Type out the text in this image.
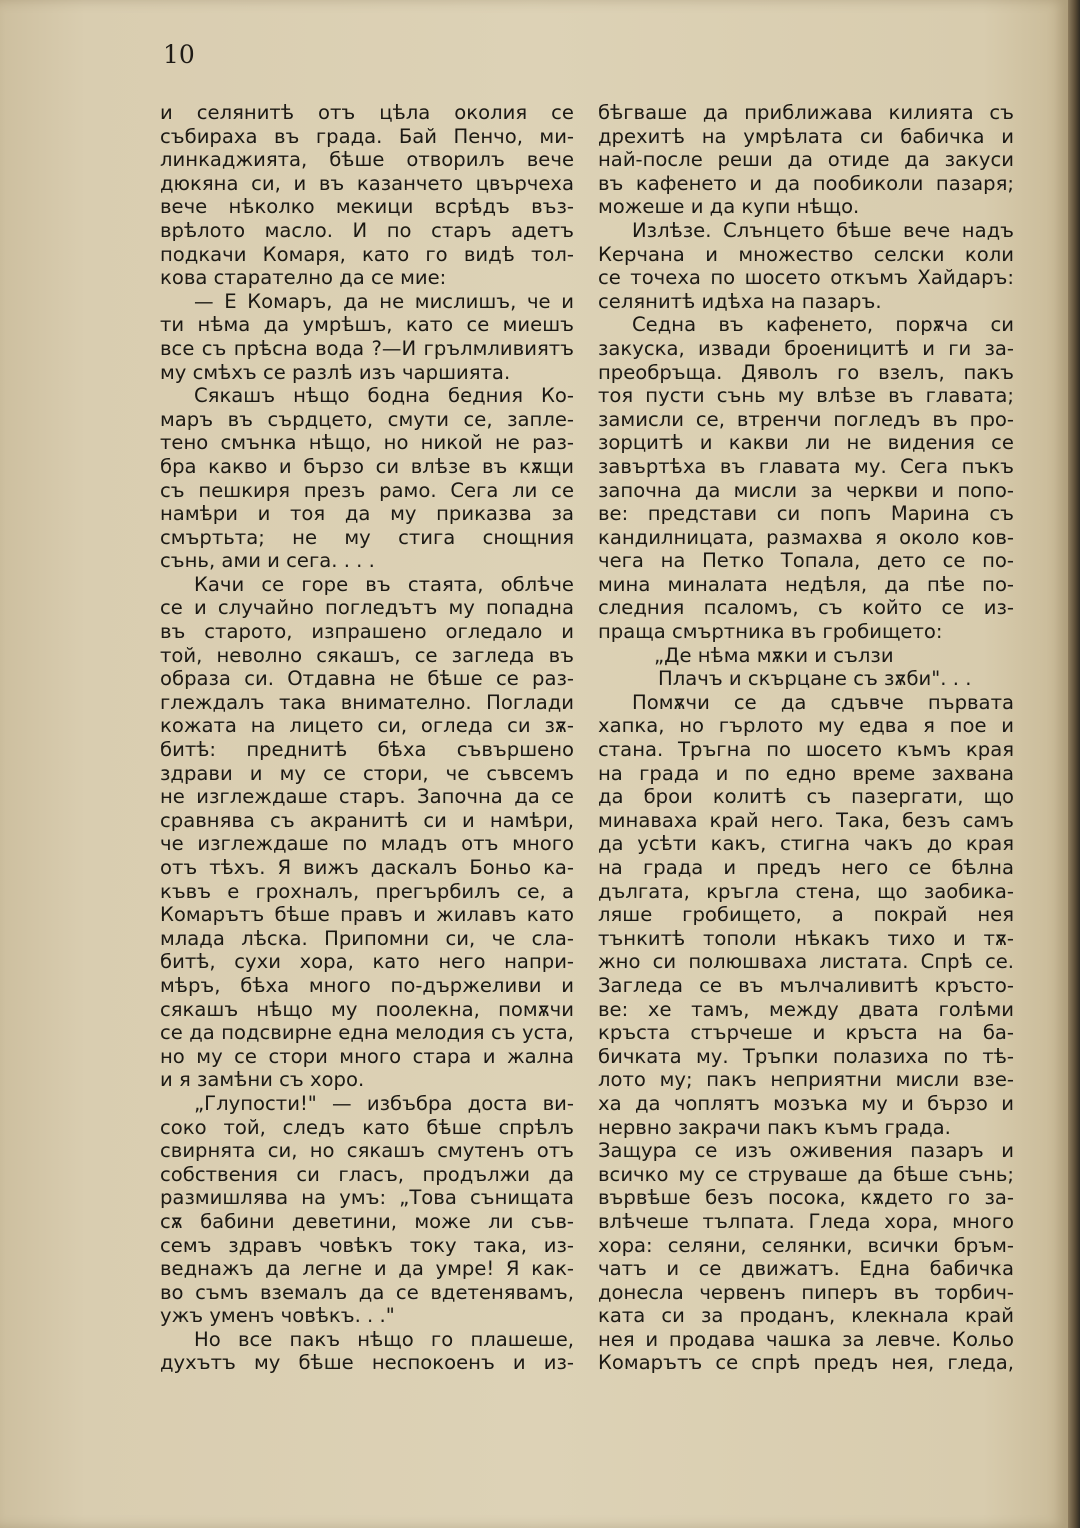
10
и селянитѣ отъ цѣла околия се
събираха въ града. Бай Пенчо, ми-
линкаджията, бѣше отворилъ вече
дюкяна си, и въ казанчето цвърчеха
вече нѣколко мекици всрѣдъ въз-
врѣлото масло. И по старъ адетъ
подкачи Комаря, като го видѣ тол-
кова старателно да се мие:
— Е Комаръ, да не мислишъ, че и
ти нѣма да умрѣшъ, като се миешъ
все съ прѣсна вода ?—И грълмливиятъ
му смѣхъ се разлѣ изъ чаршията.
Сякашъ нѣщо бодна бедния Ко-
маръ въ сърдцето, смути се, запле-
тено смънка нѣщо, но никой не раз-
бра какво и бързо си влѣзе въ кѫщи
съ пешкиря презъ рамо. Сега ли се
намѣри и тоя да му приказва за
смъртьта; не му стига снощния
сънь, ами и сега. . . .
Качи се горе въ стаята, облѣче
се и случайно погледътъ му попадна
въ старото, изпрашено огледало и
той, неволно сякашъ, се загледа въ
образа си. Отдавна не бѣше се раз-
глеждалъ така внимателно. Поглади
кожата на лицето си, огледа си зѫ-
битѣ: преднитѣ бѣха съвършено
здрави и му се стори, че съвсемъ
не изглеждаше старъ. Започна да се
сравнява съ акранитѣ си и намѣри,
че изглеждаше по младъ отъ много
отъ тѣхъ. Я вижъ даскалъ Боньо ка-
къвъ е грохналъ, прегърбилъ се, а
Комарътъ бѣше правъ и жилавъ като
млада лѣска. Припомни си, че сла-
битѣ, сухи хора, като него напри-
мѣръ, бѣха много по-държеливи и
сякашъ нѣщо му поолекна, помѫчи
се да подсвирне една мелодия съ уста,
но му се стори много стара и жална
и я замѣни съ хоро.
„Глупости!" — избъбра доста ви-
соко той, следъ като бѣше спрѣлъ
свирнята си, но сякашъ смутенъ отъ
собствения си гласъ, продължи да
размишлява на умъ: „Това сънищата
сѫ бабини деветини, може ли съв-
семъ здравъ човѣкъ току така, из-
веднажъ да легне и да умре! Я как-
во съмъ вземалъ да се вдетенявамъ,
ужъ уменъ човѣкъ. . ."
Но все пакъ нѣщо го плашеше,
духътъ му бѣше неспокоенъ и из-
бѣгваше да приближава килията съ
дрехитѣ на умрѣлата си бабичка и
най-после реши да отиде да закуси
въ кафенето и да пообиколи пазаря;
можеше и да купи нѣщо.
Излѣзе. Слънцето бѣше вече надъ
Керчана и множество селски коли
се точеха по шосето откъмъ Хайдаръ:
селянитѣ идѣха на пазаръ.
Седна въ кафенето, порѫча си
закуска, извади броеницитѣ и ги за-
преобръща. Дяволъ го взелъ, пакъ
тоя пусти сънь му влѣзе въ главата;
замисли се, втренчи погледъ въ про-
зорцитѣ и какви ли не видения се
завъртѣха въ главата му. Сега пъкъ
започна да мисли за черкви и попо-
ве: представи си попъ Марина съ
кандилницата, размахва я около ков-
чега на Петко Топала, дето се по-
мина миналата недѣля, да пѣе по-
следния псаломъ, съ който се из-
праща смъртника въ гробището:
„Де нѣма мѫки и сълзи
Плачъ и скърцане съ зѫби". . .
Помѫчи се да сдъвче първата
хапка, но гърлото му едва я пое и
стана. Тръгна по шосето къмъ края
на града и по едно време захвана
да брои колитѣ съ пазергати, що
минаваха край него. Така, безъ самъ
да усѣти какъ, стигна чакъ до края
на града и предъ него се бѣлна
дългата, кръгла стена, що заобика-
ляше гробището, а покрай нея
тънкитѣ тополи нѣкакъ тихо и тѫ-
жно си полюшваха листата. Спрѣ се.
Загледа се въ мълчаливитѣ кръсто-
ве: хе тамъ, между двата голѣми
кръста стърчеше и кръста на ба-
бичката му. Тръпки полазиха по тѣ-
лото му; пакъ неприятни мисли взе-
ха да чоплятъ мозъка му и бързо и
нервно закрачи пакъ къмъ града.
Защура се изъ оживения пазаръ и
всичко му се струваше да бѣше сънь;
вървѣше безъ посока, кѫдето го за-
влѣчеше тълпата. Гледа хора, много
хора: селяни, селянки, всички бръм-
чатъ и се движатъ. Една бабичка
донесла червенъ пиперъ въ торбич-
ката си за проданъ, клекнала край
нея и продава чашка за левче. Кольо
Комарътъ се спрѣ предъ нея, гледа,
